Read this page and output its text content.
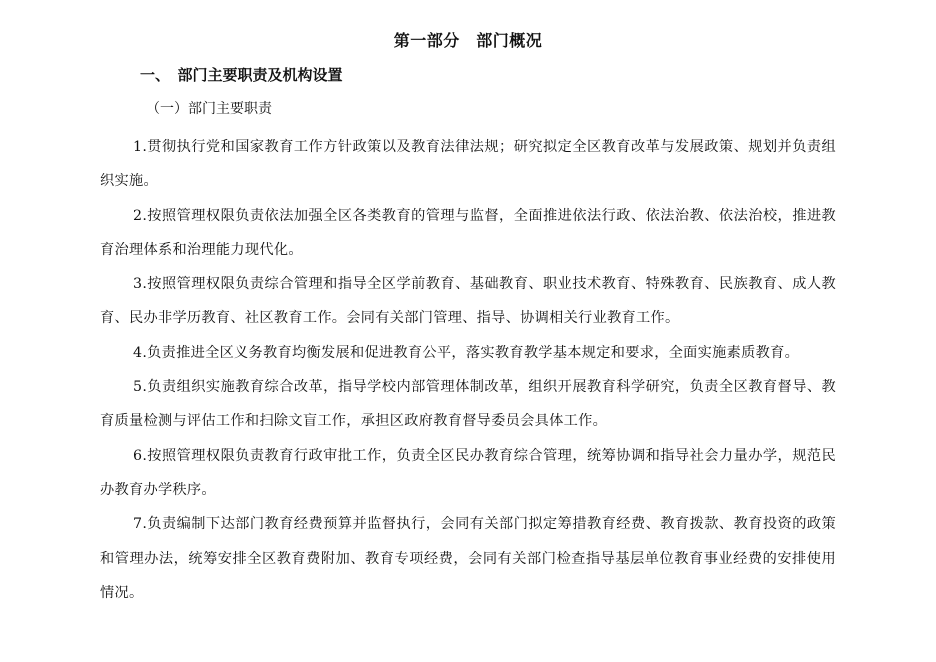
第一部分　部门概况
一、　部门主要职责及机构设置
（一）部门主要职责

1.贯彻执行党和国家教育工作方针政策以及教育法律法规；研究拟定全区教育改革与发展政策、规划并负责组织实施。

2.按照管理权限负责依法加强全区各类教育的管理与监督，全面推进依法行政、依法治教、依法治校，推进教育治理体系和治理能力现代化。

3.按照管理权限负责综合管理和指导全区学前教育、基础教育、职业技术教育、特殊教育、民族教育、成人教育、民办非学历教育、社区教育工作。会同有关部门管理、指导、协调相关行业教育工作。

4.负责推进全区义务教育均衡发展和促进教育公平，落实教育教学基本规定和要求，全面实施素质教育。

5.负责组织实施教育综合改革，指导学校内部管理体制改革，组织开展教育科学研究，负责全区教育督导、教育质量检测与评估工作和扫除文盲工作，承担区政府教育督导委员会具体工作。

6.按照管理权限负责教育行政审批工作，负责全区民办教育综合管理，统筹协调和指导社会力量办学，规范民办教育办学秩序。

7.负责编制下达部门教育经费预算并监督执行，会同有关部门拟定筹措教育经费、教育拨款、教育投资的政策和管理办法，统筹安排全区教育费附加、教育专项经费，会同有关部门检查指导基层单位教育事业经费的安排使用情况。
